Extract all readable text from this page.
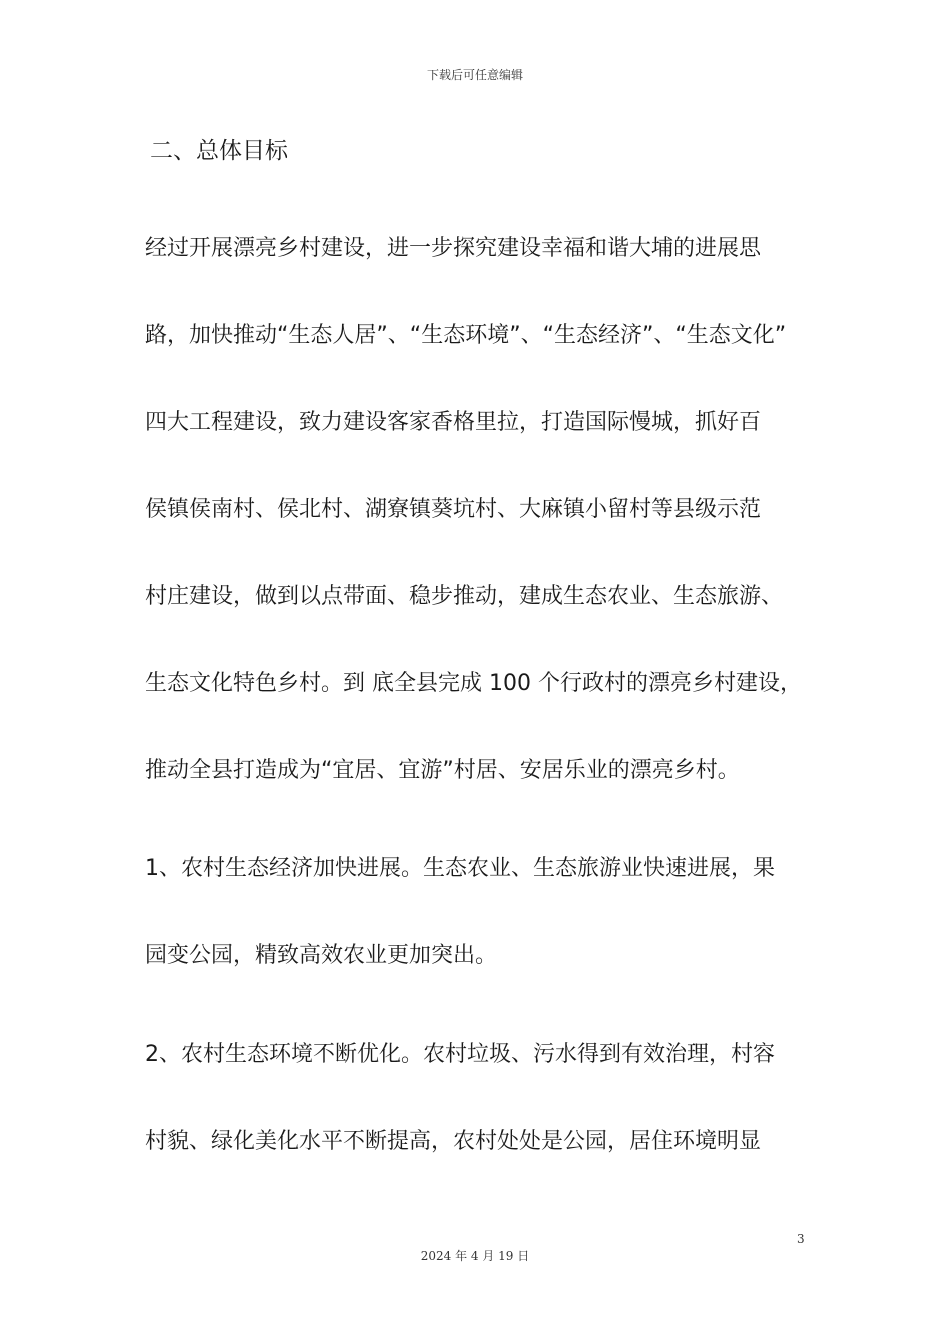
下载后可任意编辑
二、总体目标
经过开展漂亮乡村建设，进一步探究建设幸福和谐大埔的进展思
路，加快推动“生态人居”、“生态环境”、“生态经济”、“生态文化”
四大工程建设，致力建设客家香格里拉，打造国际慢城，抓好百
侯镇侯南村、侯北村、湖寮镇葵坑村、大麻镇小留村等县级示范
村庄建设，做到以点带面、稳步推动，建成生态农业、生态旅游、
生态文化特色乡村。到 底全县完成 100 个行政村的漂亮乡村建设，
推动全县打造成为“宜居、宜游”村居、安居乐业的漂亮乡村。
1、农村生态经济加快进展。生态农业、生态旅游业快速进展，果
园变公园，精致高效农业更加突出。
2、农村生态环境不断优化。农村垃圾、污水得到有效治理，村容
村貌、绿化美化水平不断提高，农村处处是公园，居住环境明显
3
2024 年 4 月 19 日
